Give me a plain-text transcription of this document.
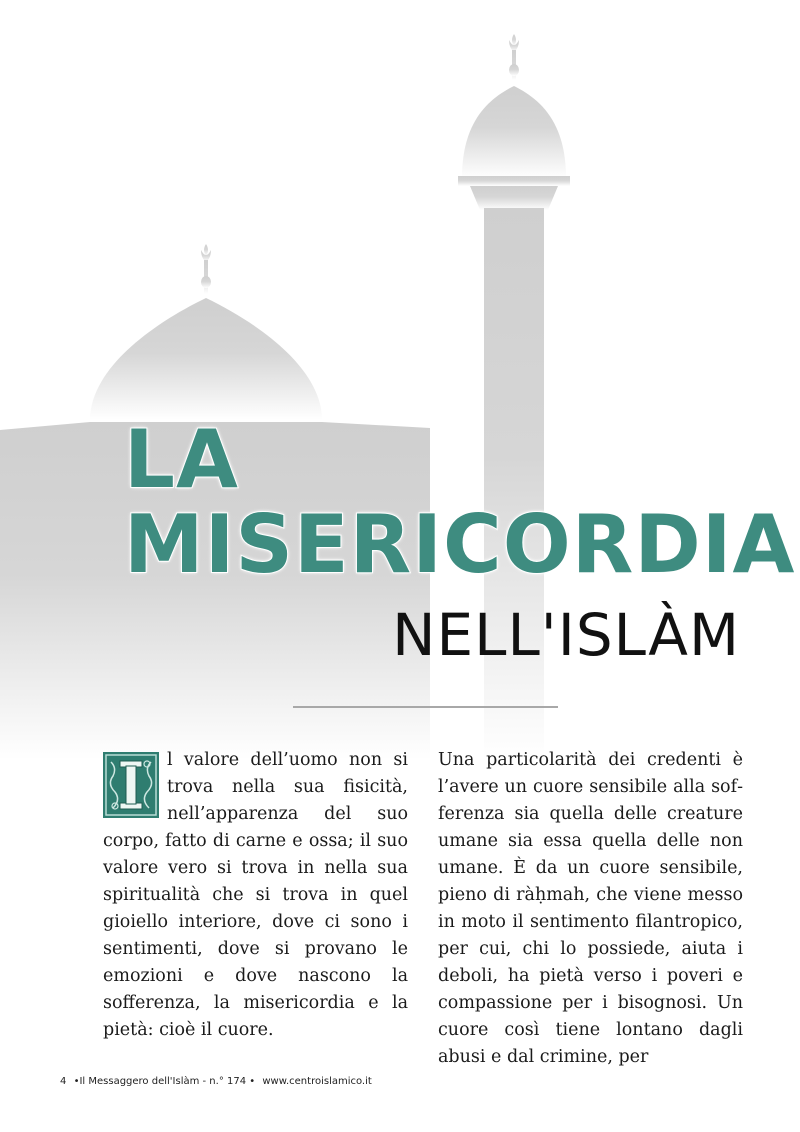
LA
MISERICORDIA
NELL'ISLÀM
l valore dell’uomo non si trova nella sua fisicità, nell’apparenza del suo corpo, fatto di carne e ossa; il suo valore vero si trova in nella sua spiritualità che si trova in quel gioiello interiore, dove ci sono i sentimenti, dove si provano le emozioni e dove nascono la sofferenza, la misericordia e la pietà: cioè il cuore.
Una particolarità dei credenti è l’avere un cuore sensibile alla sofferenza sia quella delle creature umane sia essa quella delle non umane. È da un cuore sensibile, pieno di ràḥmah, che viene messo in moto il sentimento filantropico, per cui, chi lo possiede, aiuta i deboli, ha pietà verso i poveri e compassione per i bisognosi. Un cuore così tiene lontano dagli abusi e dal crimine, per
4 •Il Messaggero dell'Islàm - n.° 174 • www.centroislamico.it
